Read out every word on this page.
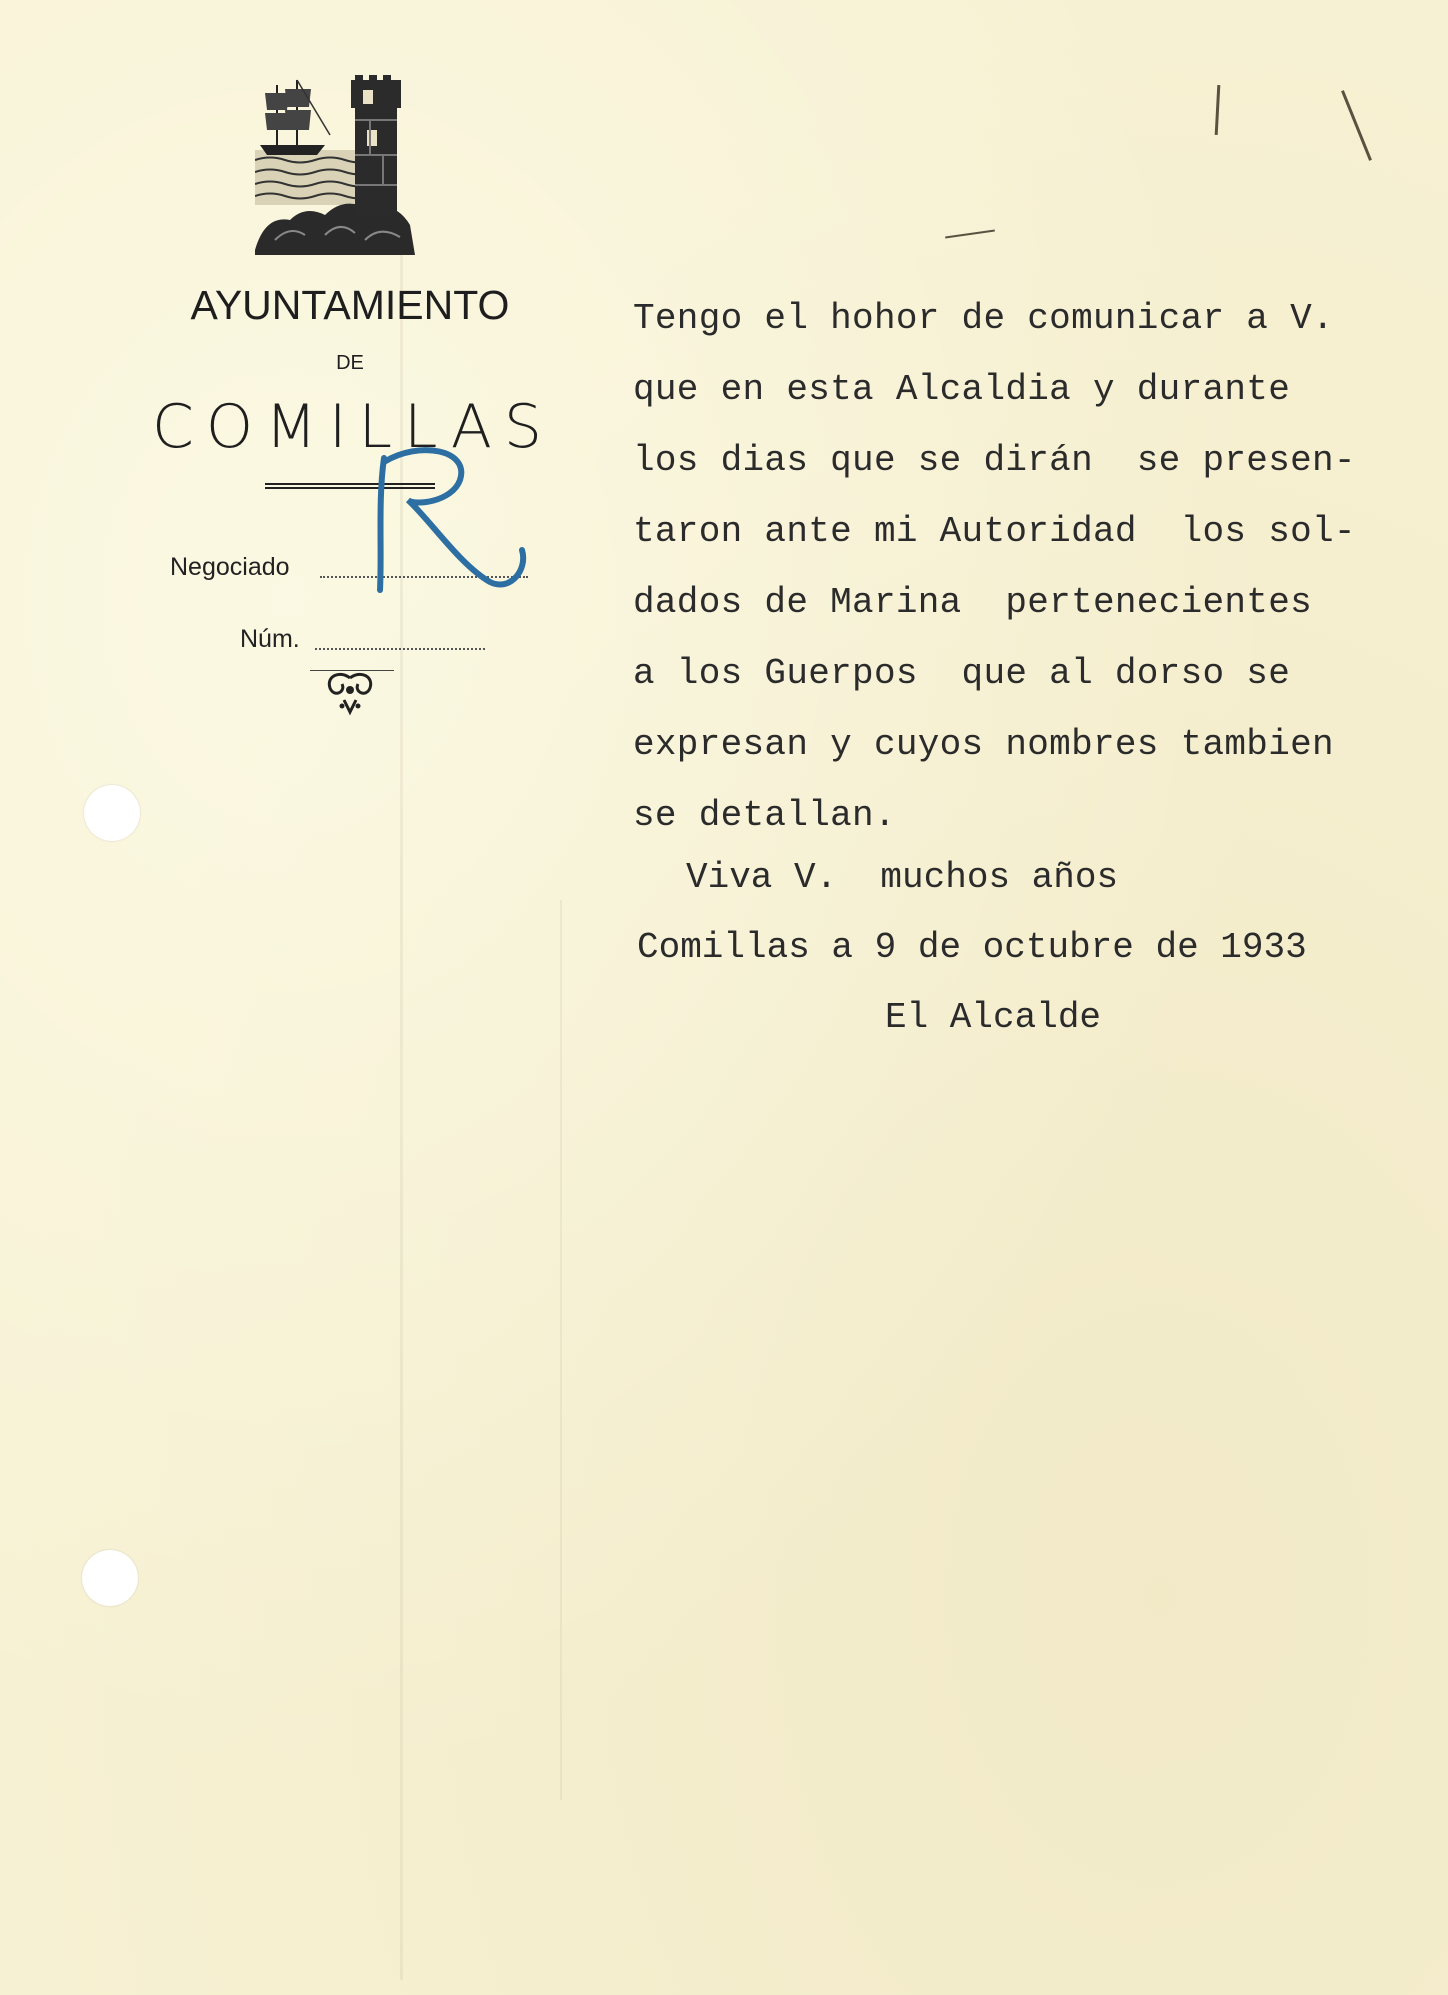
AYUNTAMIENTO
DE
COMILLAS
Negociado
Núm.
Tengo el hohor de comunicar a V.
que en esta Alcaldia y durante
los dias que se dirán  se presen-
taron ante mi Autoridad  los sol-
dados de Marina  pertenecientes
a los Guerpos  que al dorso se
expresan y cuyos nombres tambien
se detallan.
Viva V.  muchos años
Comillas a 9 de octubre de 1933
El Alcalde
